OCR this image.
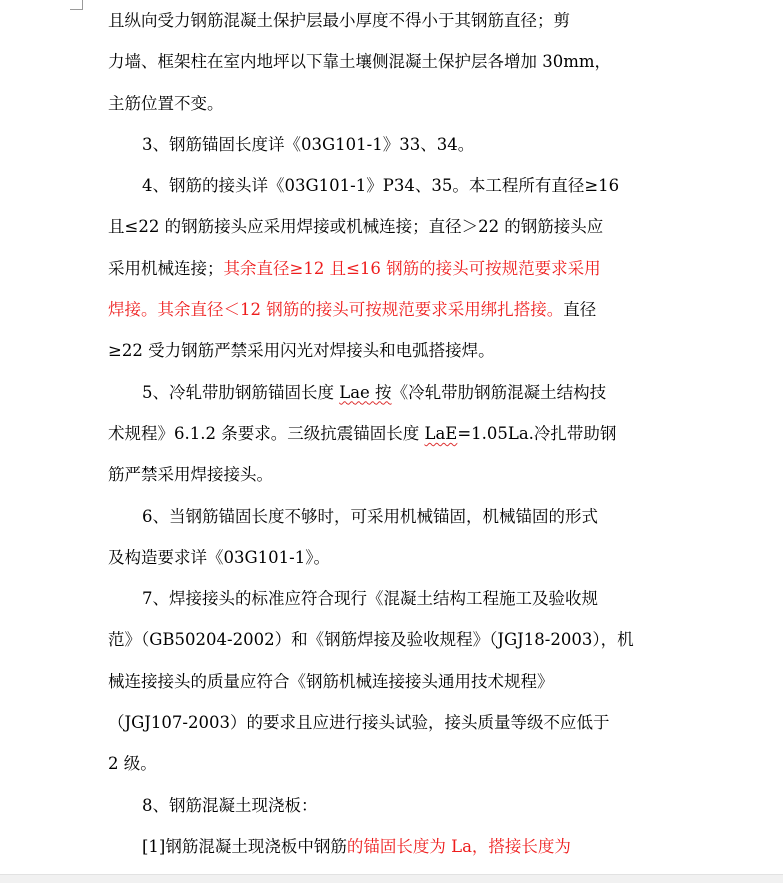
且纵向受力钢筋混凝土保护层最小厚度不得小于其钢筋直径；剪
力墙、框架柱在室内地坪以下靠土壤侧混凝土保护层各增加 30mm，
主筋位置不变。

3、钢筋锚固长度详《03G101-1》33、34。

4、钢筋的接头详《03G101-1》P34、35。本工程所有直径≥16
且≤22 的钢筋接头应采用焊接或机械连接；直径＞22 的钢筋接头应
采用机械连接；其余直径≥12 且≤16 钢筋的接头可按规范要求采用
焊接。其余直径＜12 钢筋的接头可按规范要求采用绑扎搭接。直径
≥22 受力钢筋严禁采用闪光对焊接头和电弧搭接焊。

5、冷轧带肋钢筋锚固长度 Lae 按《冷轧带肋钢筋混凝土结构技
术规程》6.1.2 条要求。三级抗震锚固长度 LaE=1.05La.冷扎带助钢
筋严禁采用焊接接头。

6、当钢筋锚固长度不够时，可采用机械锚固，机械锚固的形式
及构造要求详《03G101-1》。

7、焊接接头的标准应符合现行《混凝土结构工程施工及验收规
范》（GB50204-2002）和《钢筋焊接及验收规程》（JGJ18-2003），机
械连接接头的质量应符合《钢筋机械连接接头通用技术规程》
（JGJ107-2003）的要求且应进行接头试验，接头质量等级不应低于
2 级。

8、钢筋混凝土现浇板：
[1]钢筋混凝土现浇板中钢筋的锚固长度为 La，搭接长度为
